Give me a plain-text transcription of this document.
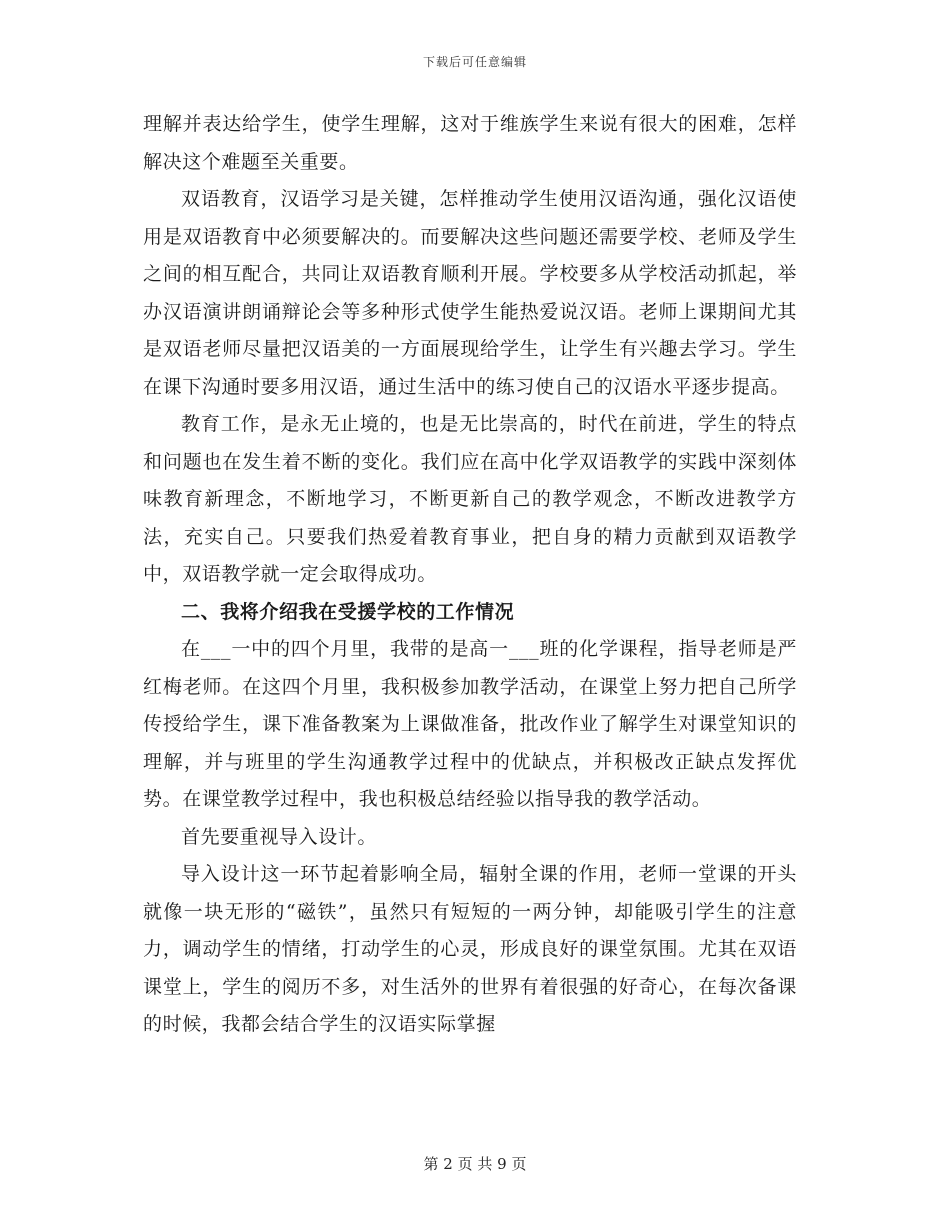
下载后可任意编辑

理解并表达给学生，使学生理解，这对于维族学生来说有很大的困难，怎样解决这个难题至关重要。

双语教育，汉语学习是关键，怎样推动学生使用汉语沟通，强化汉语使用是双语教育中必须要解决的。而要解决这些问题还需要学校、老师及学生之间的相互配合，共同让双语教育顺利开展。学校要多从学校活动抓起，举办汉语演讲朗诵辩论会等多种形式使学生能热爱说汉语。老师上课期间尤其是双语老师尽量把汉语美的一方面展现给学生，让学生有兴趣去学习。学生在课下沟通时要多用汉语，通过生活中的练习使自己的汉语水平逐步提高。

教育工作，是永无止境的，也是无比崇高的，时代在前进，学生的特点和问题也在发生着不断的变化。我们应在高中化学双语教学的实践中深刻体味教育新理念，不断地学习，不断更新自己的教学观念，不断改进教学方法，充实自己。只要我们热爱着教育事业，把自身的精力贡献到双语教学中，双语教学就一定会取得成功。

二、我将介绍我在受援学校的工作情况

在___一中的四个月里，我带的是高一___班的化学课程，指导老师是严红梅老师。在这四个月里，我积极参加教学活动，在课堂上努力把自己所学传授给学生，课下准备教案为上课做准备，批改作业了解学生对课堂知识的理解，并与班里的学生沟通教学过程中的优缺点，并积极改正缺点发挥优势。在课堂教学过程中，我也积极总结经验以指导我的教学活动。

首先要重视导入设计。

导入设计这一环节起着影响全局，辐射全课的作用，老师一堂课的开头就像一块无形的“磁铁”，虽然只有短短的一两分钟，却能吸引学生的注意力，调动学生的情绪，打动学生的心灵，形成良好的课堂氛围。尤其在双语课堂上，学生的阅历不多，对生活外的世界有着很强的好奇心，在每次备课的时候，我都会结合学生的汉语实际掌握

第 2 页 共 9 页
